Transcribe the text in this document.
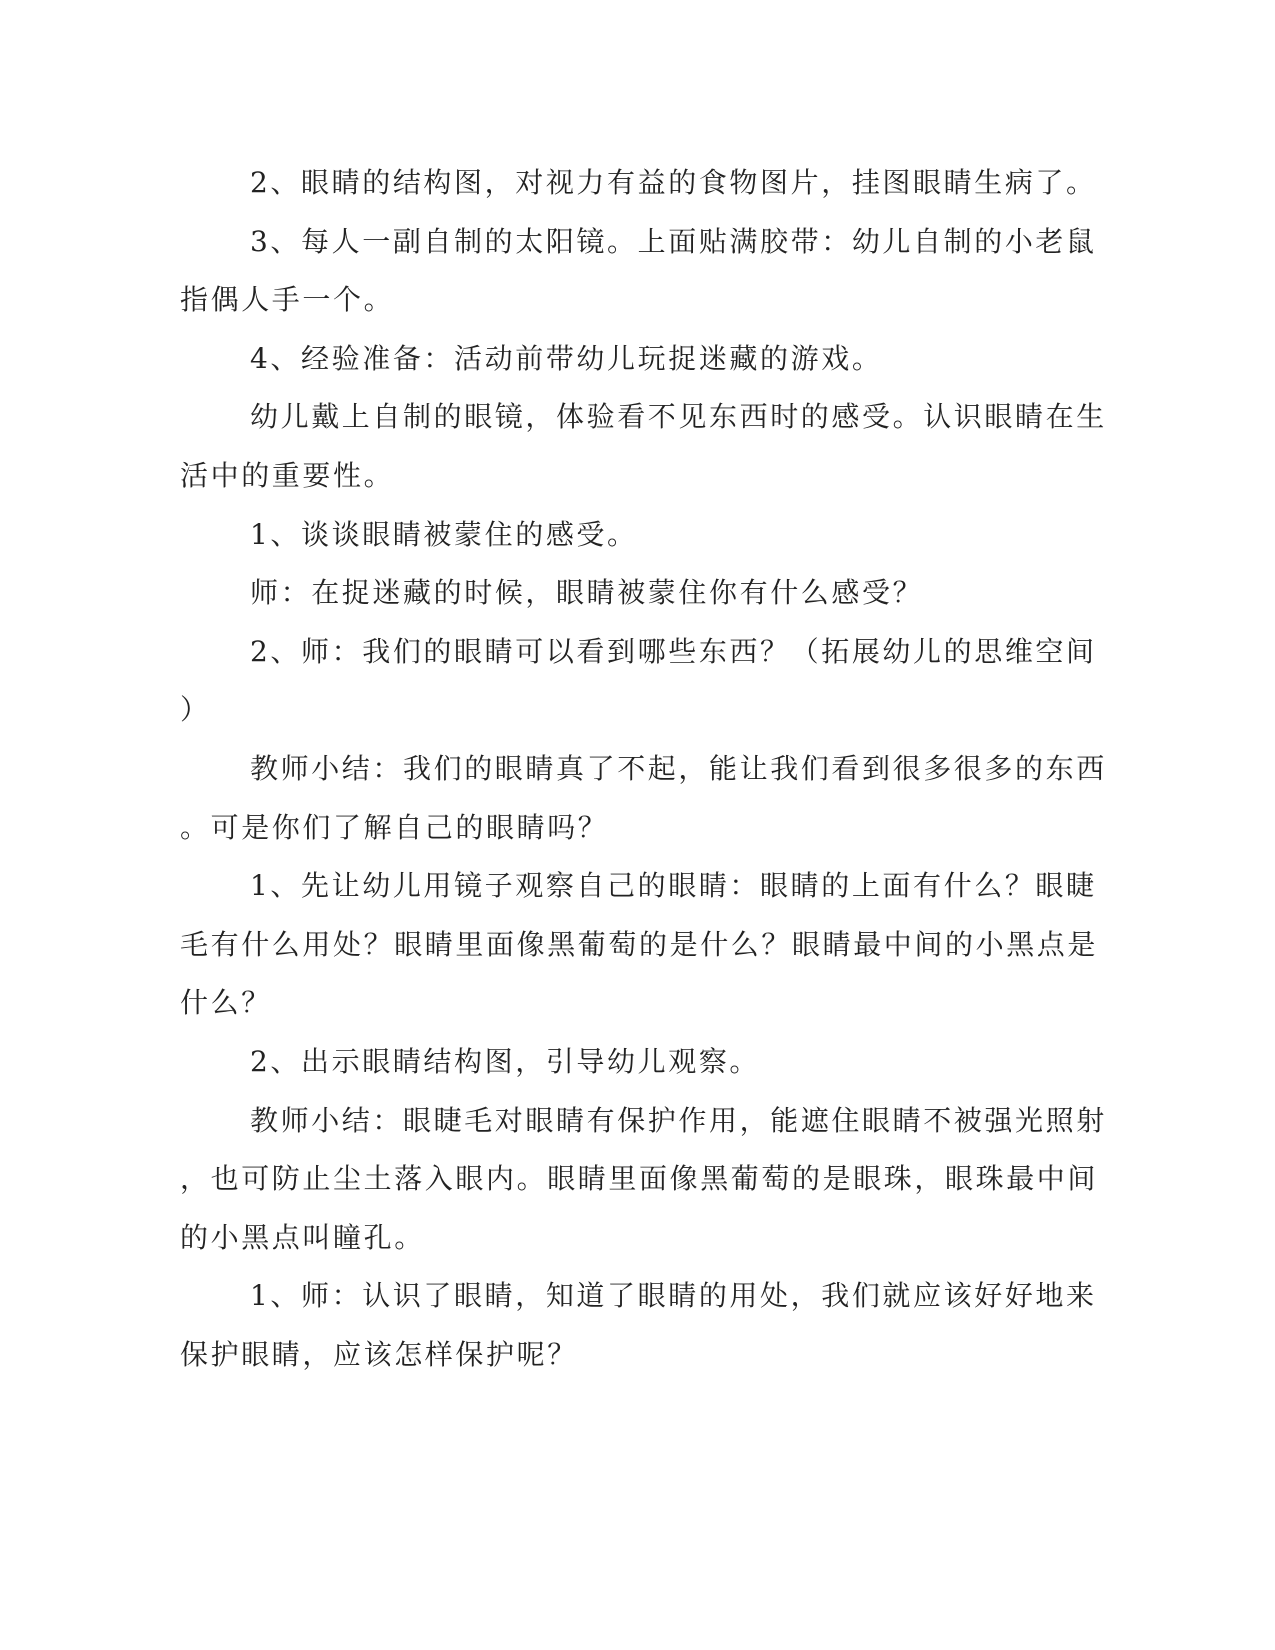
2、眼睛的结构图，对视力有益的食物图片，挂图眼睛生病了。
3、每人一副自制的太阳镜。上面贴满胶带：幼儿自制的小老鼠
指偶人手一个。
4、经验准备：活动前带幼儿玩捉迷藏的游戏。
幼儿戴上自制的眼镜，体验看不见东西时的感受。认识眼睛在生
活中的重要性。
1、谈谈眼睛被蒙住的感受。
师：在捉迷藏的时候，眼睛被蒙住你有什么感受？
2、师：我们的眼睛可以看到哪些东西？（拓展幼儿的思维空间
）
教师小结：我们的眼睛真了不起，能让我们看到很多很多的东西
。可是你们了解自己的眼睛吗？
1、先让幼儿用镜子观察自己的眼睛：眼睛的上面有什么？眼睫
毛有什么用处？眼睛里面像黑葡萄的是什么？眼睛最中间的小黑点是
什么？
2、出示眼睛结构图，引导幼儿观察。
教师小结：眼睫毛对眼睛有保护作用，能遮住眼睛不被强光照射
，也可防止尘土落入眼内。眼睛里面像黑葡萄的是眼珠，眼珠最中间
的小黑点叫瞳孔。
1、师：认识了眼睛，知道了眼睛的用处，我们就应该好好地来
保护眼睛，应该怎样保护呢？
